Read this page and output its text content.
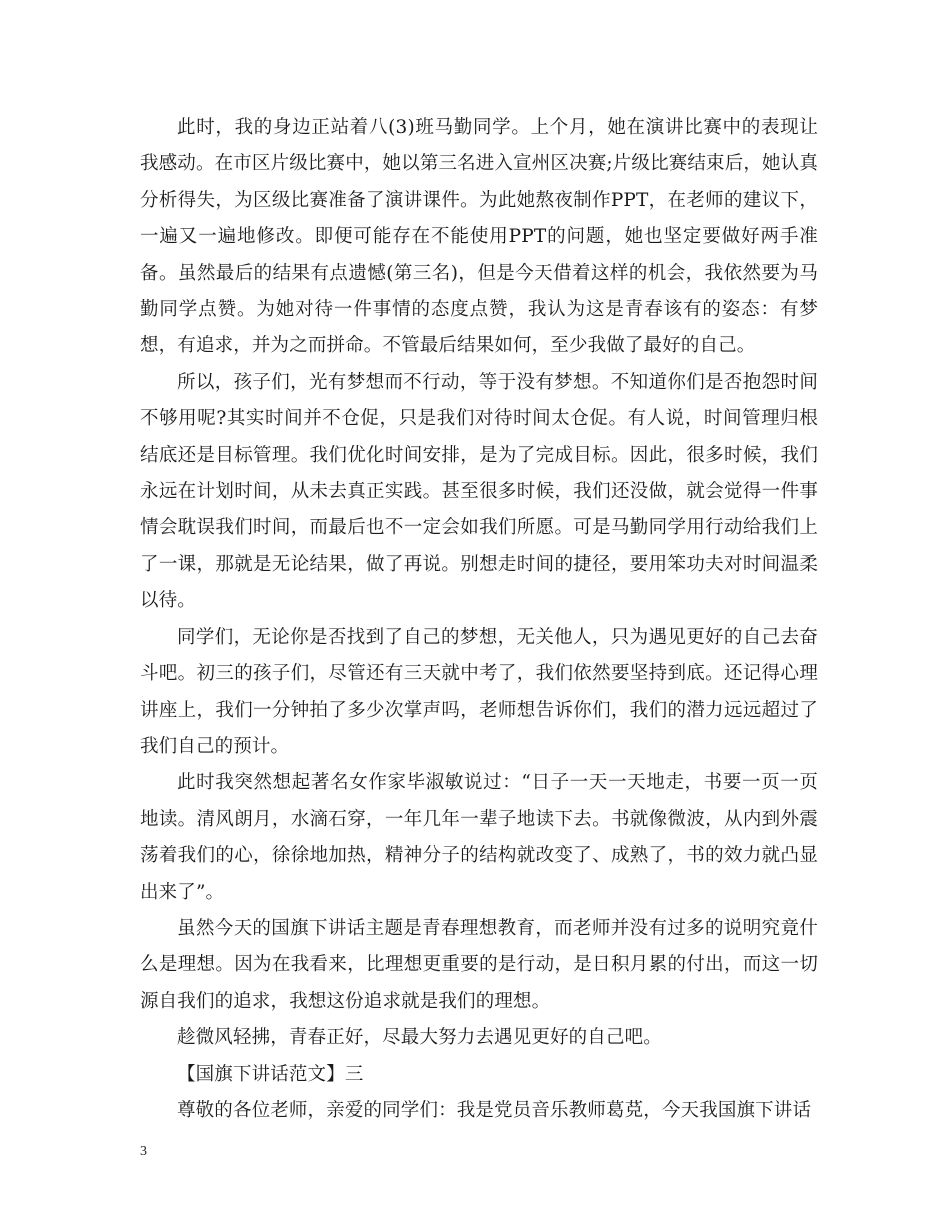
此时，我的身边正站着八(3)班马勤同学。上个月，她在演讲比赛中的表现让我感动。在市区片级比赛中，她以第三名进入宣州区决赛;片级比赛结束后，她认真分析得失，为区级比赛准备了演讲课件。为此她熬夜制作PPT，在老师的建议下，一遍又一遍地修改。即便可能存在不能使用PPT的问题，她也坚定要做好两手准备。虽然最后的结果有点遗憾(第三名)，但是今天借着这样的机会，我依然要为马勤同学点赞。为她对待一件事情的态度点赞，我认为这是青春该有的姿态：有梦想，有追求，并为之而拼命。不管最后结果如何，至少我做了最好的自己。

所以，孩子们，光有梦想而不行动，等于没有梦想。不知道你们是否抱怨时间不够用呢?其实时间并不仓促，只是我们对待时间太仓促。有人说，时间管理归根结底还是目标管理。我们优化时间安排，是为了完成目标。因此，很多时候，我们永远在计划时间，从未去真正实践。甚至很多时候，我们还没做，就会觉得一件事情会耽误我们时间，而最后也不一定会如我们所愿。可是马勤同学用行动给我们上了一课，那就是无论结果，做了再说。别想走时间的捷径，要用笨功夫对时间温柔以待。

同学们，无论你是否找到了自己的梦想，无关他人，只为遇见更好的自己去奋斗吧。初三的孩子们，尽管还有三天就中考了，我们依然要坚持到底。还记得心理讲座上，我们一分钟拍了多少次掌声吗，老师想告诉你们，我们的潜力远远超过了我们自己的预计。

此时我突然想起著名女作家毕淑敏说过：“日子一天一天地走，书要一页一页地读。清风朗月，水滴石穿，一年几年一辈子地读下去。书就像微波，从内到外震荡着我们的心，徐徐地加热，精神分子的结构就改变了、成熟了，书的效力就凸显出来了”。

虽然今天的国旗下讲话主题是青春理想教育，而老师并没有过多的说明究竟什么是理想。因为在我看来，比理想更重要的是行动，是日积月累的付出，而这一切源自我们的追求，我想这份追求就是我们的理想。

趁微风轻拂，青春正好，尽最大努力去遇见更好的自己吧。

【国旗下讲话范文】三

尊敬的各位老师，亲爱的同学们：我是党员音乐教师葛莌，今天我国旗下讲话

3
